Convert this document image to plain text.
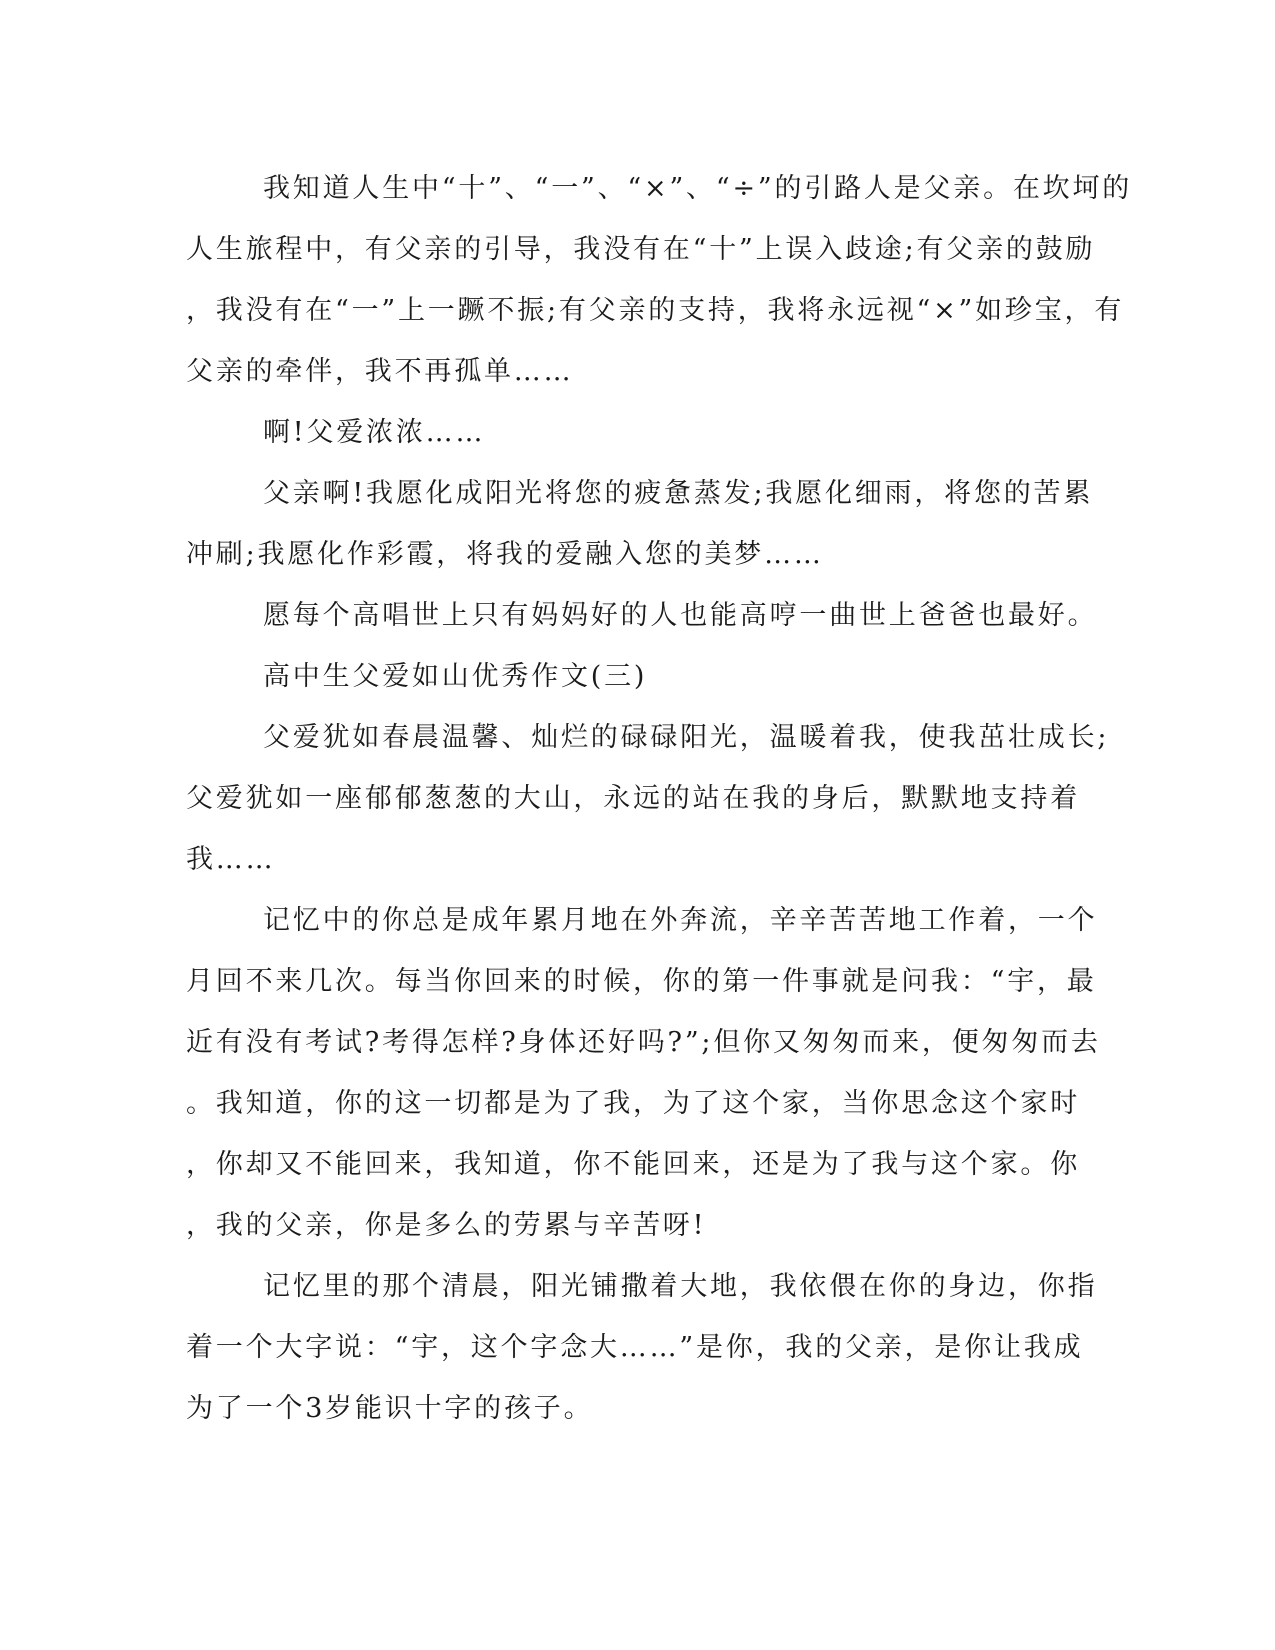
我知道人生中“十”、“一”、“×”、“÷”的引路人是父亲。在坎坷的
人生旅程中，有父亲的引导，我没有在“十”上误入歧途;有父亲的鼓励
，我没有在“一”上一蹶不振;有父亲的支持，我将永远视“×”如珍宝，有
父亲的牵伴，我不再孤单……
啊!父爱浓浓……
父亲啊!我愿化成阳光将您的疲惫蒸发;我愿化细雨，将您的苦累
冲刷;我愿化作彩霞，将我的爱融入您的美梦……
愿每个高唱世上只有妈妈好的人也能高哼一曲世上爸爸也最好。
高中生父爱如山优秀作文(三)
父爱犹如春晨温馨、灿烂的碌碌阳光，温暖着我，使我茁壮成长;
父爱犹如一座郁郁葱葱的大山，永远的站在我的身后，默默地支持着
我……
记忆中的你总是成年累月地在外奔流，辛辛苦苦地工作着，一个
月回不来几次。每当你回来的时候，你的第一件事就是问我：“宇，最
近有没有考试?考得怎样?身体还好吗?”;但你又匆匆而来，便匆匆而去
。我知道，你的这一切都是为了我，为了这个家，当你思念这个家时
，你却又不能回来，我知道，你不能回来，还是为了我与这个家。你
，我的父亲，你是多么的劳累与辛苦呀!
记忆里的那个清晨，阳光铺撒着大地，我依偎在你的身边，你指
着一个大字说：“宇，这个字念大……”是你，我的父亲，是你让我成
为了一个3岁能识十字的孩子。
